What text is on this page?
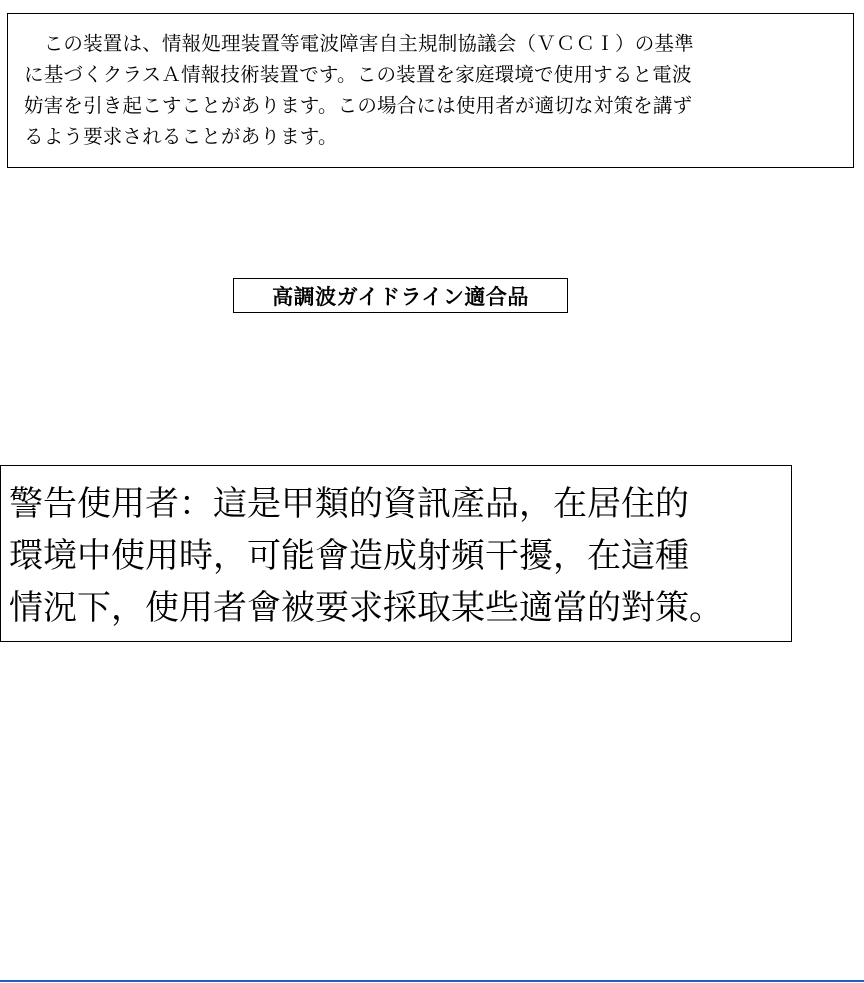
　この装置は、情報処理装置等電波障害自主規制協議会（ＶＣＣＩ）の基準
に基づくクラスＡ情報技術装置です。この装置を家庭環境で使用すると電波
妨害を引き起こすことがあります。この場合には使用者が適切な対策を講ず
るよう要求されることがあります。

高調波ガイドライン適合品

警告使用者：這是甲類的資訊產品，在居住的
環境中使用時，可能會造成射頻干擾，在這種
情況下，使用者會被要求採取某些適當的對策。
